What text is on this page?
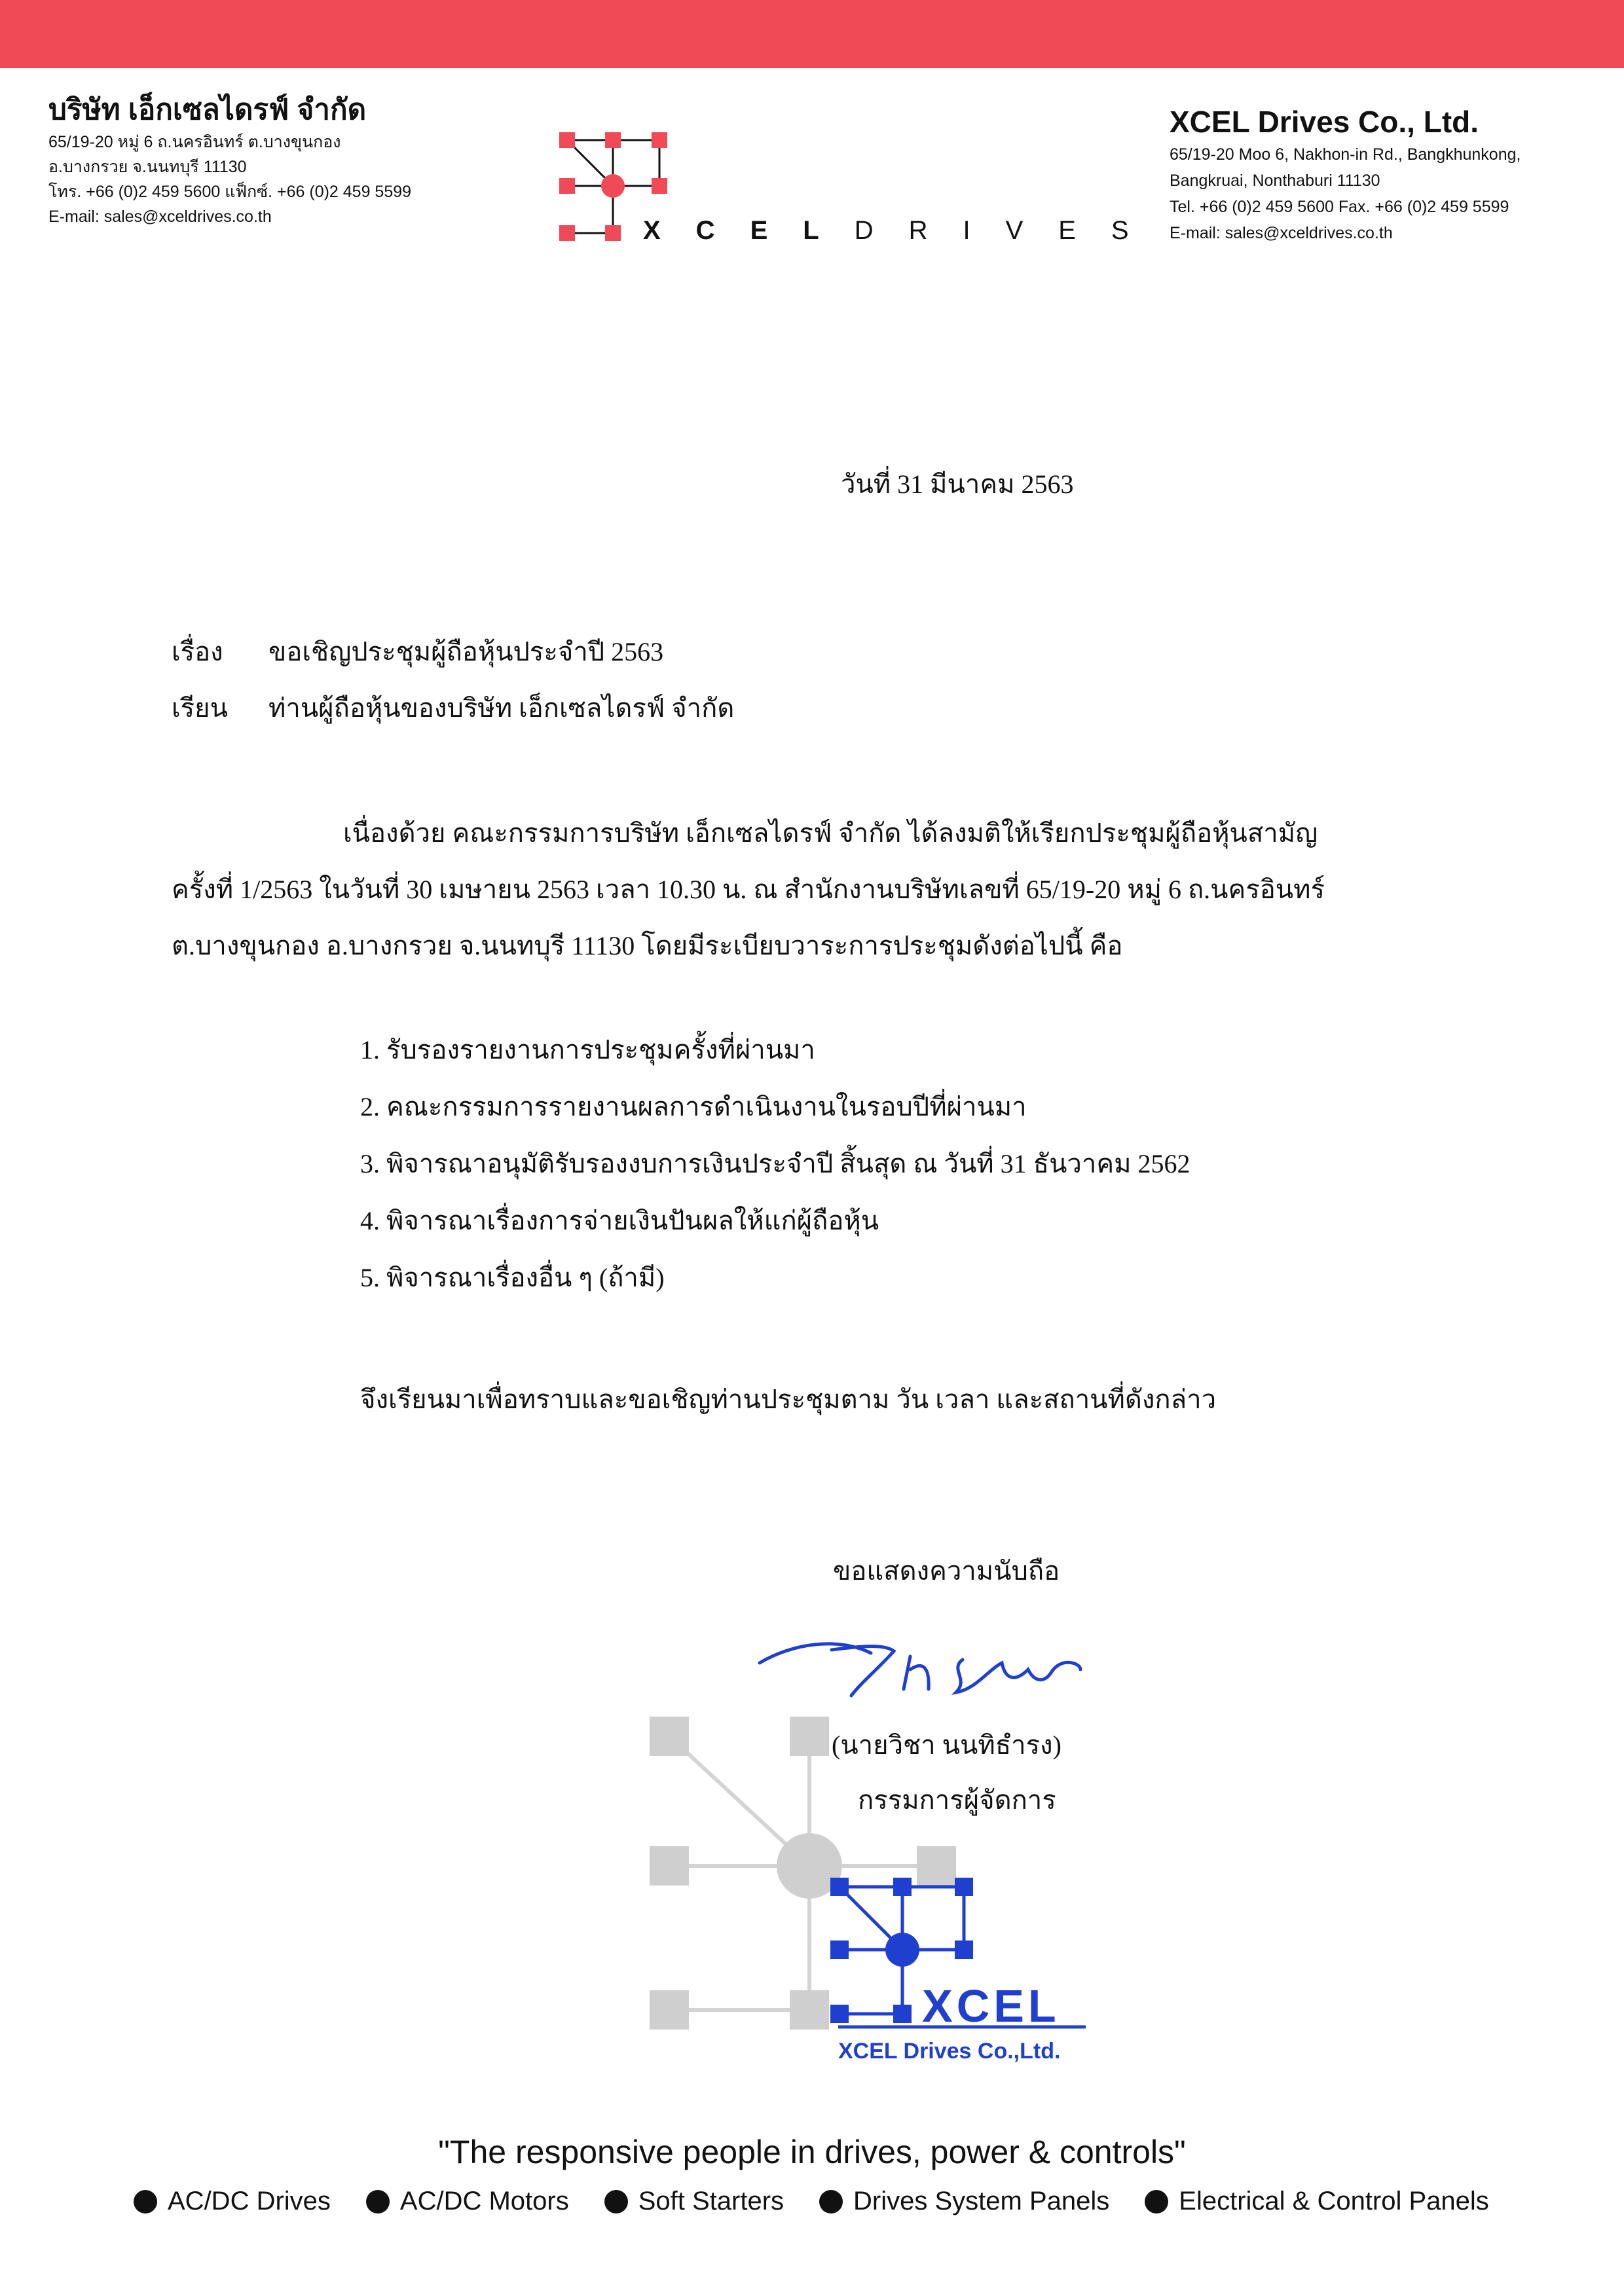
บริษัท เอ็กเซลไดรฟ์ จำกัด
65/19-20 หมู่ 6 ถ.นครอินทร์ ต.บางขุนกอง
อ.บางกรวย จ.นนทบุรี 11130
โทร. +66 (0)2 459 5600 แฟ็กซ์. +66 (0)2 459 5599
E-mail: sales@xceldrives.co.th	XCELDRIVES
XCEL Drives Co., Ltd.
65/19-20 Moo 6, Nakhon-in Rd., Bangkhunkong,
Bangkruai, Nonthaburi 11130
Tel. +66 (0)2 459 5600 Fax. +66 (0)2 459 5599
E-mail: sales@xceldrives.co.th
วันที่ 31 มีนาคม 2563
เรื่อง ขอเชิญประชุมผู้ถือหุ้นประจำปี 2563
เรียน ท่านผู้ถือหุ้นของบริษัท เอ็กเซลไดรฟ์ จำกัด
เนื่องด้วย คณะกรรมการบริษัท เอ็กเซลไดรฟ์ จำกัด ได้ลงมติให้เรียกประชุมผู้ถือหุ้นสามัญ
ครั้งที่ 1/2563 ในวันที่ 30 เมษายน 2563 เวลา 10.30 น. ณ สำนักงานบริษัทเลขที่ 65/19-20 หมู่ 6 ถ.นครอินทร์
ต.บางขุนกอง อ.บางกรวย จ.นนทบุรี 11130 โดยมีระเบียบวาระการประชุมดังต่อไปนี้ คือ
1. รับรองรายงานการประชุมครั้งที่ผ่านมา
2. คณะกรรมการรายงานผลการดำเนินงานในรอบปีที่ผ่านมา
3. พิจารณาอนุมัติรับรองงบการเงินประจำปี สิ้นสุด ณ วันที่ 31 ธันวาคม 2562
4. พิจารณาเรื่องการจ่ายเงินปันผลให้แก่ผู้ถือหุ้น
5. พิจารณาเรื่องอื่น ๆ (ถ้ามี)
จึงเรียนมาเพื่อทราบและขอเชิญท่านประชุมตาม วัน เวลา และสถานที่ดังกล่าว
ขอแสดงความนับถือ
(นายวิชา นนทิธำรง)
กรรมการผู้จัดการ
XCEL
XCEL Drives Co.,Ltd.
"The responsive people in drives, power & controls"
AC/DC Drives	AC/DC Motors	Soft Starters	Drives System Panels	Electrical & Control Panels
